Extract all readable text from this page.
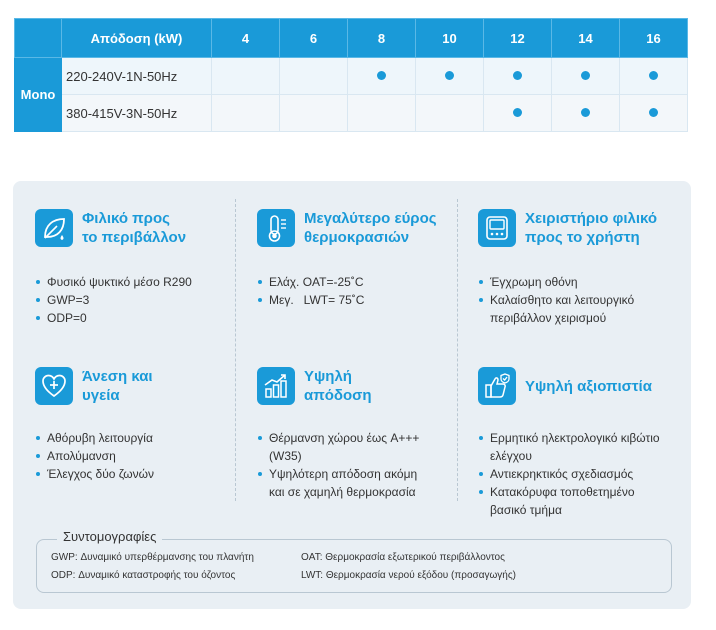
	Απόδοση (kW)	4	6	8	10	12	14	16
Mono	220-240V-1N-50Hz							
	380-415V-3N-50Hz							
Φιλικό προς
το περιβάλλον
Φυσικό ψυκτικό μέσο R290
GWP=3
ODP=0
Μεγαλύτερο εύρος
θερμοκρασιών
Ελάχ. OAT=-25˚C
Μεγ.   LWT= 75˚C
Χειριστήριο φιλικό
προς το χρήστη
Έγχρωμη οθόνη
Καλαίσθητο και λειτουργικό περιβάλλον χειρισμού
Άνεση και
υγεία
Αθόρυβη λειτουργία
Απολύμανση
Έλεγχος δύο ζωνών
Υψηλή
απόδοση
Θέρμανση χώρου έως A+++ (W35)
Υψηλότερη απόδοση ακόμη και σε χαμηλή θερμοκρασία
Υψηλή αξιοπιστία
Ερμητικό ηλεκτρολογικό κιβώτιο ελέγχου
Αντιεκρηκτικός σχεδιασμός
Κατακόρυφα τοποθετημένο βασικό τμήμα
Συντομογραφίες
GWP: Δυναμικό υπερθέρμανσης του πλανήτη
ODP: Δυναμικό καταστροφής του όζοντος
OAT: Θερμοκρασία εξωτερικού περιβάλλοντος
LWT: Θερμοκρασία νερού εξόδου (προσαγωγής)
